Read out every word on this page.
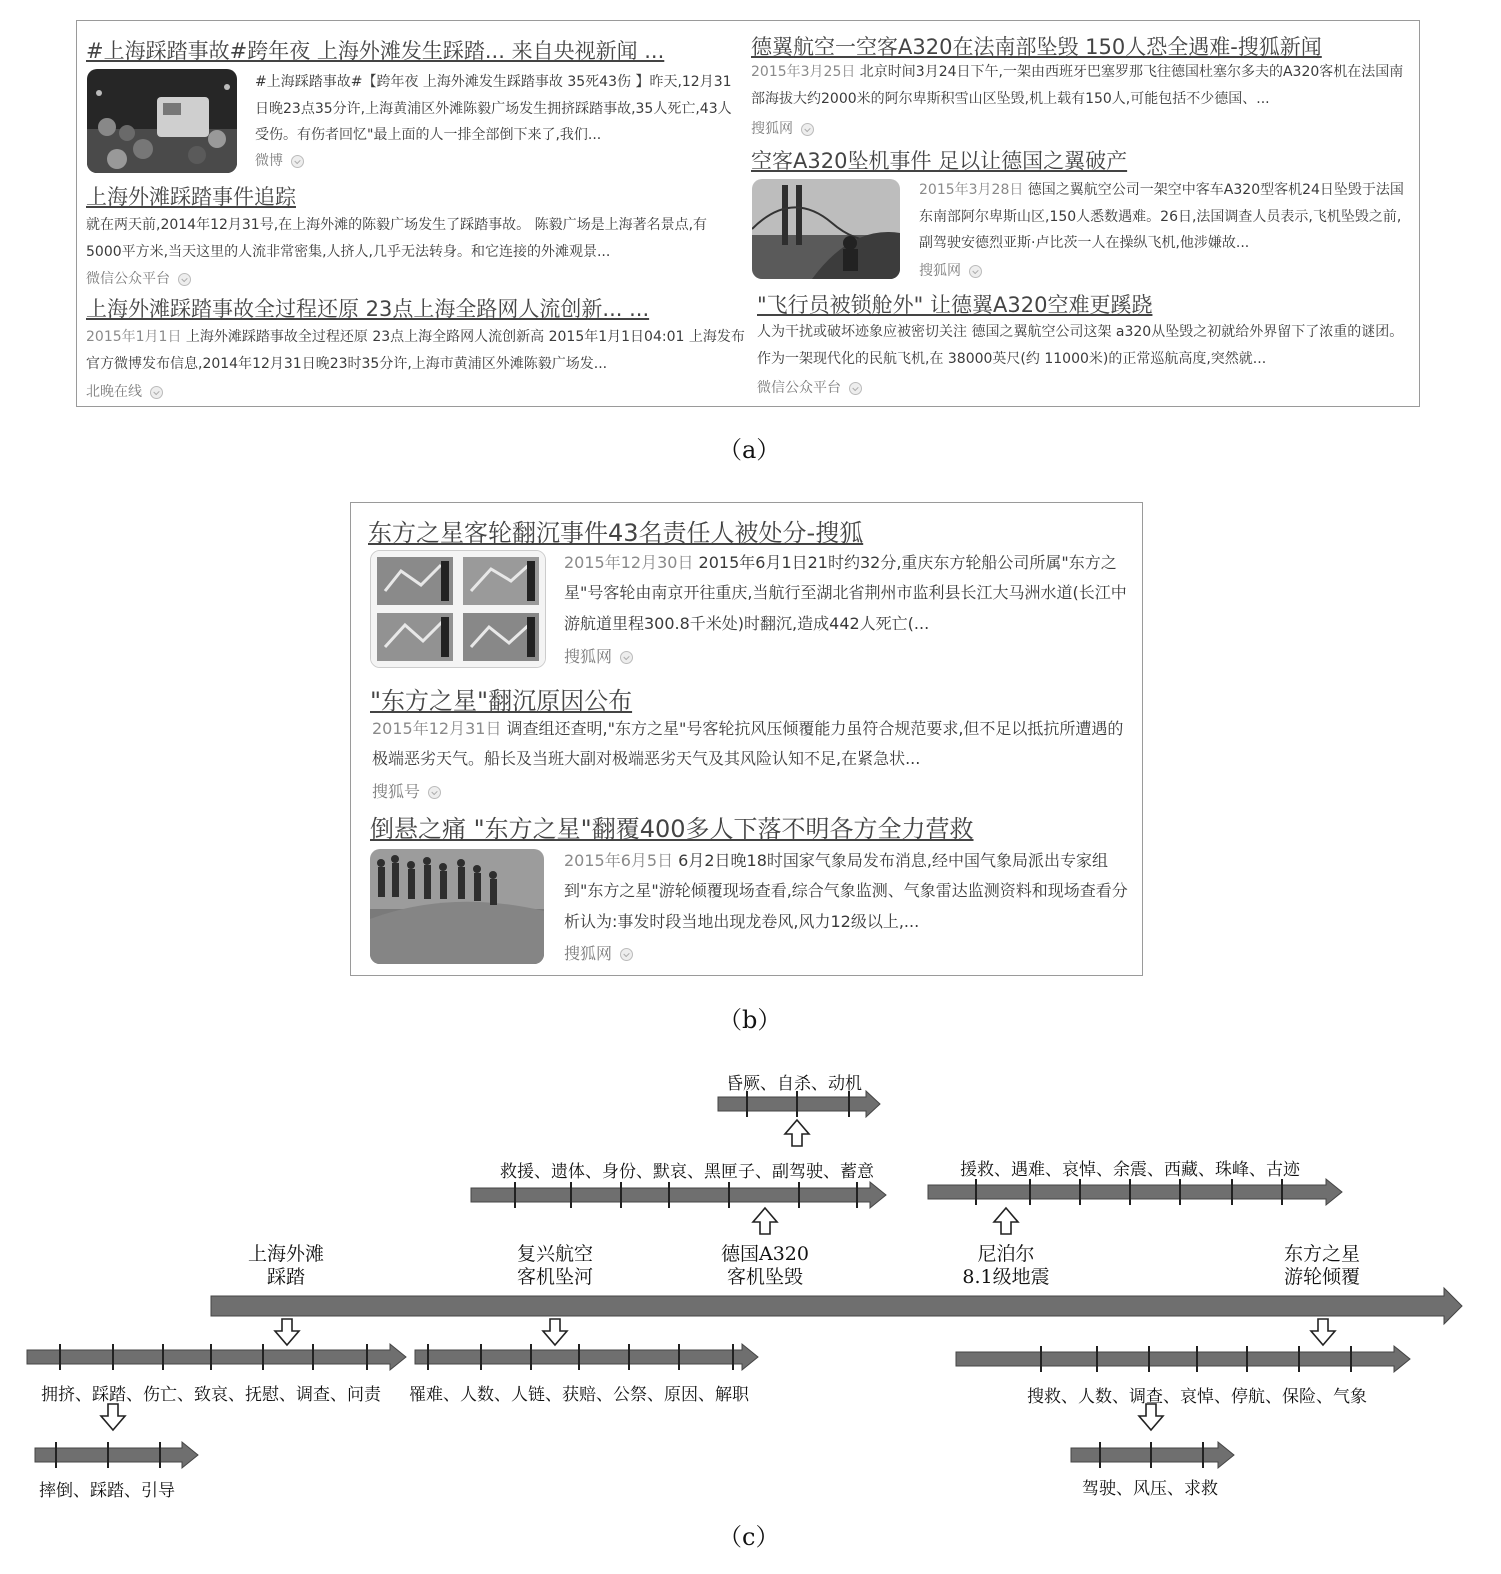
#上海踩踏事故#跨年夜 上海外滩发生踩踏... 来自央视新闻 ...
#上海踩踏事故#【跨年夜 上海外滩发生踩踏事故 35死43伤 】昨天,12月31日晚23点35分许,上海黄浦区外滩陈毅广场发生拥挤踩踏事故,35人死亡,43人受伤。有伤者回忆"最上面的人一排全部倒下来了,我们...
微博
上海外滩踩踏事件追踪
就在两天前,2014年12月31号,在上海外滩的陈毅广场发生了踩踏事故。 陈毅广场是上海著名景点,有5000平方米,当天这里的人流非常密集,人挤人,几乎无法转身。和它连接的外滩观景...
微信公众平台
上海外滩踩踏事故全过程还原 23点上海全路网人流创新... ...
2015年1月1日 上海外滩踩踏事故全过程还原 23点上海全路网人流创新高 2015年1月1日04:01 上海发布官方微博发布信息,2014年12月31日晚23时35分许,上海市黄浦区外滩陈毅广场发...
北晚在线
德翼航空一空客A320在法南部坠毁 150人恐全遇难-搜狐新闻
2015年3月25日 北京时间3月24日下午,一架由西班牙巴塞罗那飞往德国杜塞尔多夫的A320客机在法国南部海拔大约2000米的阿尔卑斯积雪山区坠毁,机上载有150人,可能包括不少德国、...
搜狐网
空客A320坠机事件 足以让德国之翼破产
2015年3月28日 德国之翼航空公司一架空中客车A320型客机24日坠毁于法国东南部阿尔卑斯山区,150人悉数遇难。26日,法国调查人员表示,飞机坠毁之前,副驾驶安德烈亚斯·卢比茨一人在操纵飞机,他涉嫌故...
搜狐网
"飞行员被锁舱外" 让德翼A320空难更蹊跷
人为干扰或破坏迹象应被密切关注 德国之翼航空公司这架 a320从坠毁之初就给外界留下了浓重的谜团。作为一架现代化的民航飞机,在 38000英尺(约 11000米)的正常巡航高度,突然就...
微信公众平台
（a）
东方之星客轮翻沉事件43名责任人被处分-搜狐
2015年12月30日 2015年6月1日21时约32分,重庆东方轮船公司所属"东方之星"号客轮由南京开往重庆,当航行至湖北省荆州市监利县长江大马洲水道(长江中游航道里程300.8千米处)时翻沉,造成442人死亡(...
搜狐网
"东方之星"翻沉原因公布
2015年12月31日 调查组还查明,"东方之星"号客轮抗风压倾覆能力虽符合规范要求,但不足以抵抗所遭遇的极端恶劣天气。船长及当班大副对极端恶劣天气及其风险认知不足,在紧急状...
搜狐号
倒悬之痛 "东方之星"翻覆400多人下落不明各方全力营救
2015年6月5日 6月2日晚18时国家气象局发布消息,经中国气象局派出专家组到"东方之星"游轮倾覆现场查看,综合气象监测、气象雷达监测资料和现场查看分析认为:事发时段当地出现龙卷风,风力12级以上,...
搜狐网
（b）
上海外滩
踩踏
复兴航空
客机坠河
德国A320
客机坠毁
尼泊尔
8.1级地震
东方之星
游轮倾覆
昏厥、自杀、动机
救援、遗体、身份、默哀、黑匣子、副驾驶、蓄意	援救、遇难、哀悼、余震、西藏、珠峰、古迹
拥挤、踩踏、伤亡、致哀、抚慰、调查、问责 罹难、人数、人链、获赔、公祭、原因、解职	搜救、人数、调查、哀悼、停航、保险、气象
摔倒、踩踏、引导	驾驶、风压、求救
（c）
